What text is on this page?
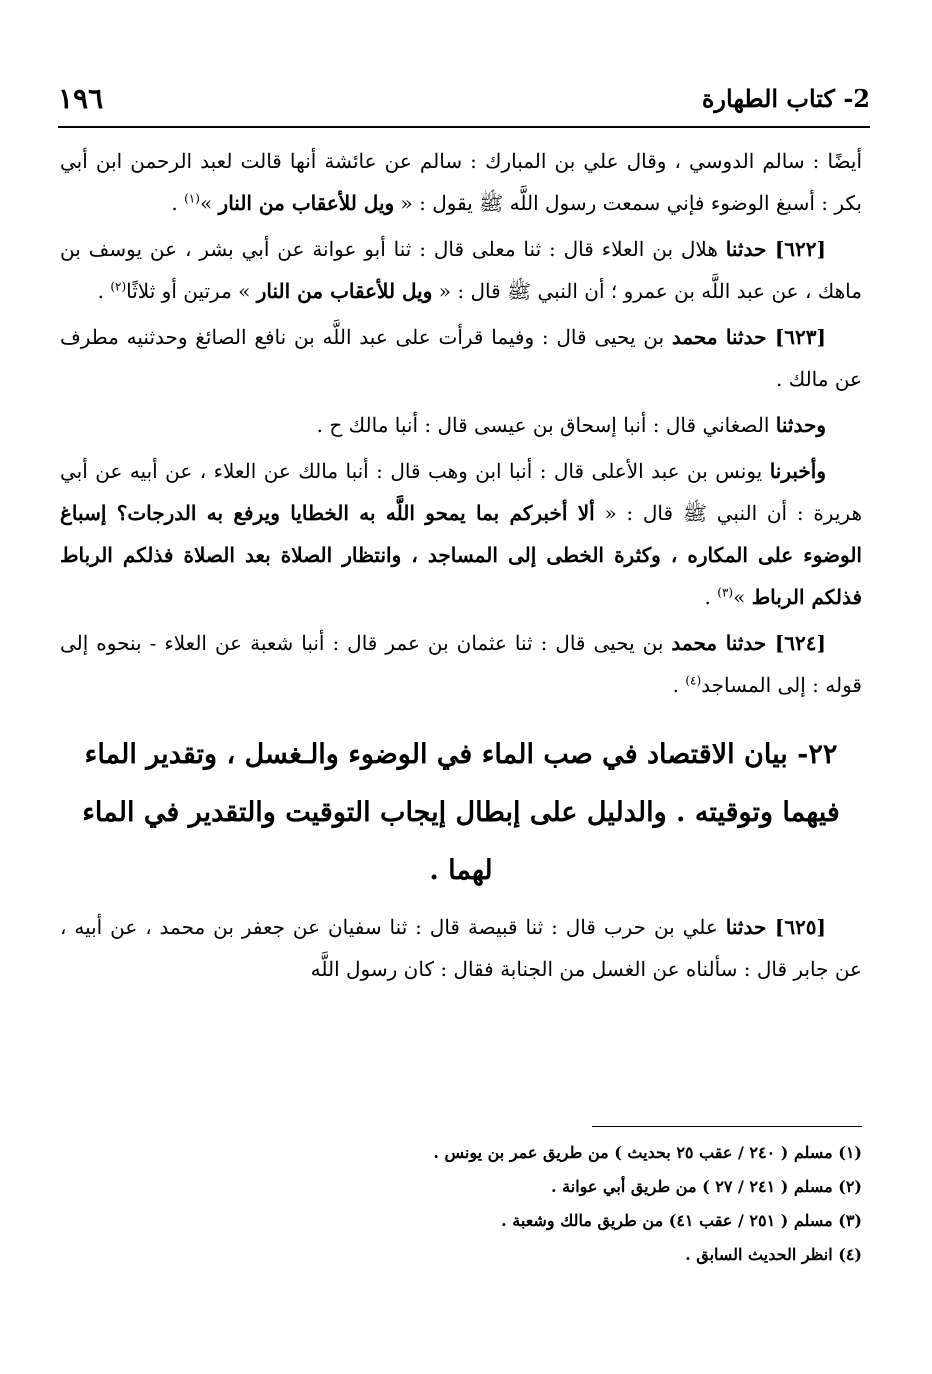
١٩٦	2- كتاب الطهارة

أيضًا : سالم الدوسي ، وقال علي بن المبارك : سالم عن عائشة أنها قالت لعبد الرحمن ابن أبي بكر : أسبغ الوضوء فإني سمعت رسول اللَّه ﷺ يقول : « ويل للأعقاب من النار »$^{(١)}$ .

[٦٢٢] حدثنا هلال بن العلاء قال : ثنا معلى قال : ثنا أبو عوانة عن أبي بشر ، عن يوسف بن ماهك ، عن عبد اللَّه بن عمرو ؛ أن النبي ﷺ قال : « ويل للأعقاب من النار » مرتين أو ثلاثًا$^{(٢)}$ .

[٦٢٣] حدثنا محمد بن يحيى قال : وفيما قرأت على عبد اللَّه بن نافع الصائغ وحدثنيه مطرف عن مالك .

وحدثنا الصغاني قال : أنبا إسحاق بن عيسى قال : أنبا مالك ح .

وأخبرنا يونس بن عبد الأعلى قال : أنبا ابن وهب قال : أنبا مالك عن العلاء ، عن أبيه عن أبي هريرة : أن النبي ﷺ قال : « ألا أخبركم بما يمحو اللَّه به الخطايا ويرفع به الدرجات؟ إسباغ الوضوء على المكاره ، وكثرة الخطى إلى المساجد ، وانتظار الصلاة بعد الصلاة فذلكم الرباط فذلكم الرباط »$^{(٣)}$ .

[٦٢٤] حدثنا محمد بن يحيى قال : ثنا عثمان بن عمر قال : أنبا شعبة عن العلاء - بنحوه إلى قوله : إلى المساجد$^{(٤)}$ .

٢٢- بيان الاقتصاد في صب الماء في الوضوء والـغسل ، وتقدير الماء فيهما وتوقيته . والدليل على إبطال إيجاب التوقيت والتقدير في الماء لهما .

[٦٢٥] حدثنا علي بن حرب قال : ثنا قبيصة قال : ثنا سفيان عن جعفر بن محمد ، عن أبيه ، عن جابر قال : سألناه عن الغسل من الجنابة فقال : كان رسول اللَّه

(١) مسلم ( ٢٤٠ / عقب ٢٥ بحديث ) من طريق عمر بن يونس .

(٢) مسلم ( ٢٤١ / ٢٧ ) من طريق أبي عوانة .

(٣) مسلم ( ٢٥١ / عقب ٤١) من طريق مالك وشعبة .

(٤) انظر الحديث السابق .
